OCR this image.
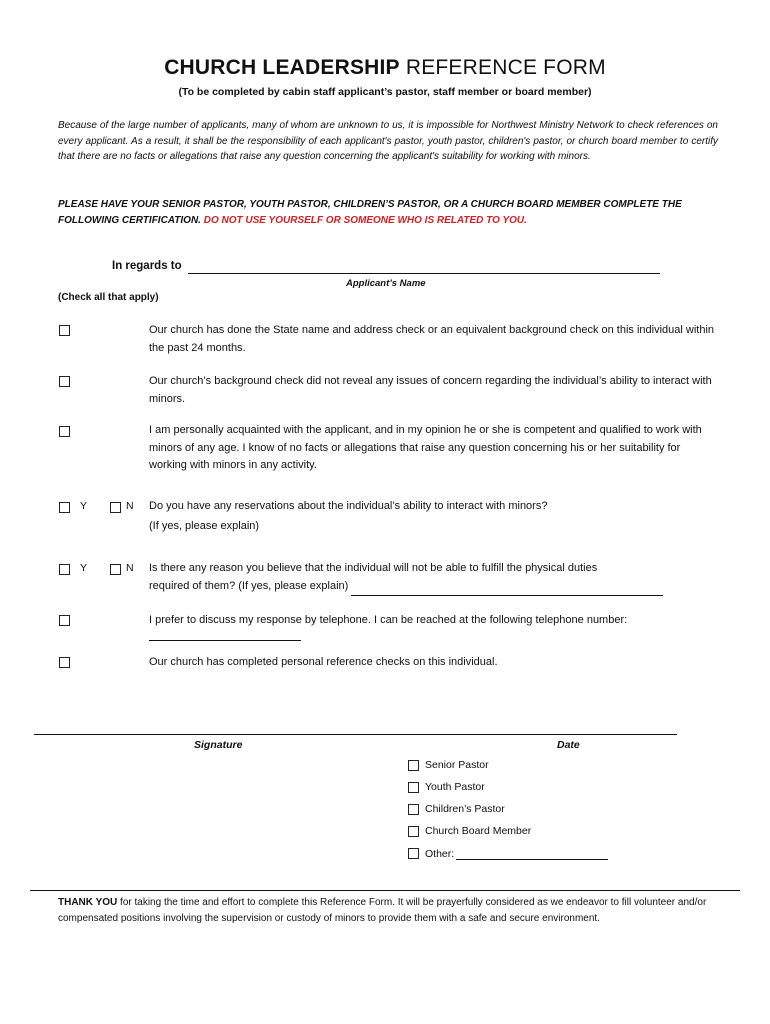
CHURCH LEADERSHIP REFERENCE FORM
(To be completed by cabin staff applicant’s pastor, staff member or board member)
Because of the large number of applicants, many of whom are unknown to us, it is impossible for Northwest Ministry Network to check references on every applicant. As a result, it shall be the responsibility of each applicant's pastor, youth pastor, children's pastor, or church board member to certify that there are no facts or allegations that raise any question concerning the applicant's suitability for working with minors.
PLEASE HAVE YOUR SENIOR PASTOR, YOUTH PASTOR, CHILDREN’S PASTOR, OR A CHURCH BOARD MEMBER COMPLETE THE FOLLOWING CERTIFICATION. DO NOT USE YOURSELF OR SOMEONE WHO IS RELATED TO YOU.
In regards to
Applicant’s Name
(Check all that apply)
Our church has done the State name and address check or an equivalent background check on this individual within the past 24 months.
Our church’s background check did not reveal any issues of concern regarding the individual’s ability to interact with minors.
I am personally acquainted with the applicant, and in my opinion he or she is competent and qualified to work with minors of any age. I know of no facts or allegations that raise any question concerning his or her suitability for working with minors in any activity.
Y	N Do you have any reservations about the individual’s ability to interact with minors?
(If yes, please explain)
Y	N Is there any reason you believe that the individual will not be able to fulfill the physical duties
required of them? (If yes, please explain)
I prefer to discuss my response by telephone. I can be reached at the following telephone number:
Our church has completed personal reference checks on this individual.
Signature	Date
Senior Pastor
Youth Pastor
Children’s Pastor
Church Board Member
Other:

THANK YOU for taking the time and effort to complete this Reference Form. It will be prayerfully considered as we endeavor to fill volunteer and/or compensated positions involving the supervision or custody of minors to provide them with a safe and secure environment.
